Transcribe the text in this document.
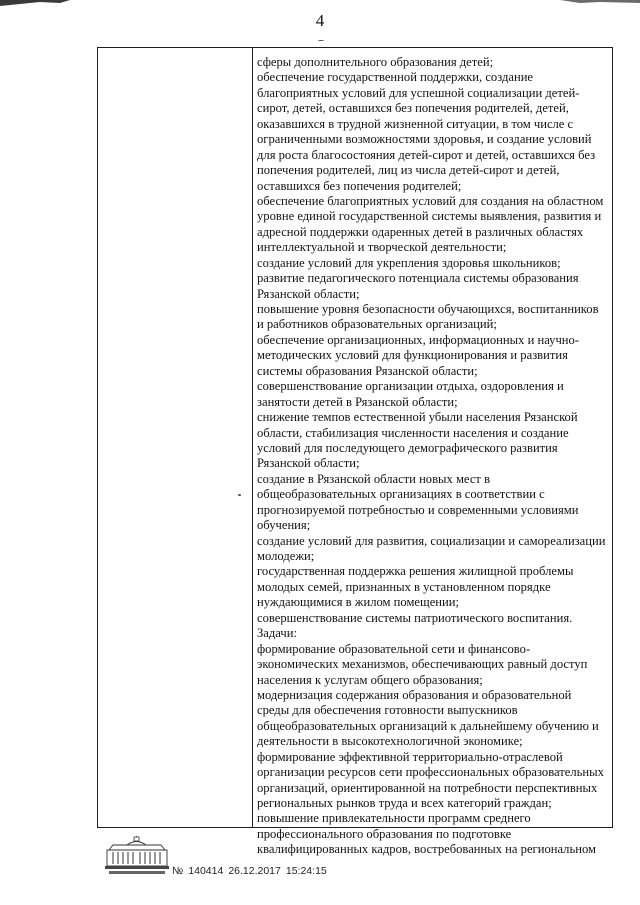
4
сферы дополнительного образования детей;
обеспечение государственной поддержки, создание
благоприятных условий для успешной социализации детей-
сирот, детей, оставшихся без попечения родителей, детей,
оказавшихся в трудной жизненной ситуации, в том числе с
ограниченными возможностями здоровья, и создание условий
для роста благосостояния детей-сирот и детей, оставшихся без
попечения родителей, лиц из числа детей-сирот и детей,
оставшихся без попечения родителей;
обеспечение благоприятных условий для создания на областном
уровне единой государственной системы выявления, развития и
адресной поддержки одаренных детей в различных областях
интеллектуальной и творческой деятельности;
создание условий для укрепления здоровья школьников;
развитие педагогического потенциала системы образования
Рязанской области;
повышение уровня безопасности обучающихся, воспитанников
и работников образовательных организаций;
обеспечение организационных, информационных и научно-
методических условий для функционирования и развития
системы образования Рязанской области;
совершенствование организации отдыха, оздоровления и
занятости детей в Рязанской области;
снижение темпов естественной убыли населения Рязанской
области, стабилизация численности населения и создание
условий для последующего демографического развития
Рязанской области;
создание в Рязанской области новых мест в
общеобразовательных организациях в соответствии с
прогнозируемой потребностью и современными условиями
обучения;
создание условий для развития, социализации и самореализации
молодежи;
государственная поддержка решения жилищной проблемы
молодых семей, признанных в установленном порядке
нуждающимися в жилом помещении;
совершенствование системы патриотического воспитания.
Задачи:
формирование образовательной сети и финансово-
экономических механизмов, обеспечивающих равный доступ
населения к услугам общего образования;
модернизация содержания образования и образовательной
среды для обеспечения готовности выпускников
общеобразовательных организаций к дальнейшему обучению и
деятельности в высокотехнологичной экономике;
формирование эффективной территориально-отраслевой
организации ресурсов сети профессиональных образовательных
организаций, ориентированной на потребности перспективных
региональных рынков труда и всех категорий граждан;
повышение привлекательности программ среднего
профессионального образования по подготовке
квалифицированных кадров, востребованных на региональном
№ 140414 26.12.2017 15:24:15
